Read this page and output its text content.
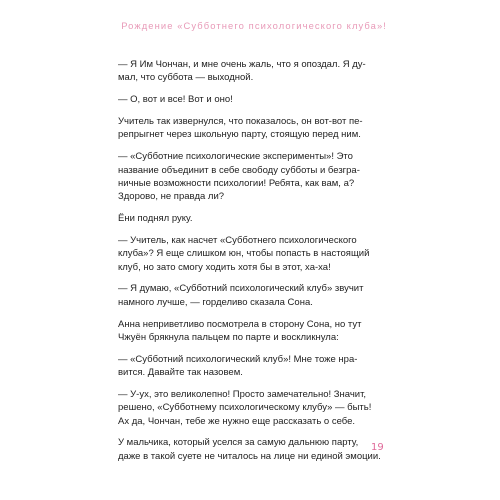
Рождение «Субботнего психологического клуба»!

— Я Им Чончан, и мне очень жаль, что я опоздал. Я ду-
мал, что суббота — выходной.

— О, вот и все! Вот и оно!

Учитель так извернулся, что показалось, он вот-вот пе-
репрыгнет через школьную парту, стоящую перед ним.

— «Субботние психологические эксперименты»! Это
название объединит в себе свободу субботы и безгра-
ничные возможности психологии! Ребята, как вам, а?
Здорово, не правда ли?

Ёни поднял руку.

— Учитель, как насчет «Субботнего психологического
клуба»? Я еще слишком юн, чтобы попасть в настоящий
клуб, но зато смогу ходить хотя бы в этот, ха-ха!

— Я думаю, «Субботний психологический клуб» звучит
намного лучше, — горделиво сказала Сона.

Анна неприветливо посмотрела в сторону Сона, но тут
Чжуён брякнула пальцем по парте и воскликнула:

— «Субботний психологический клуб»! Мне тоже нра-
вится. Давайте так назовем.

— У-ух, это великолепно! Просто замечательно! Значит,
решено, «Субботнему психологическому клубу» — быть!
Ах да, Чончан, тебе же нужно еще рассказать о себе.

У мальчика, который уселся за самую дальнюю парту,
даже в такой суете не читалось на лице ни единой эмоции.

19
